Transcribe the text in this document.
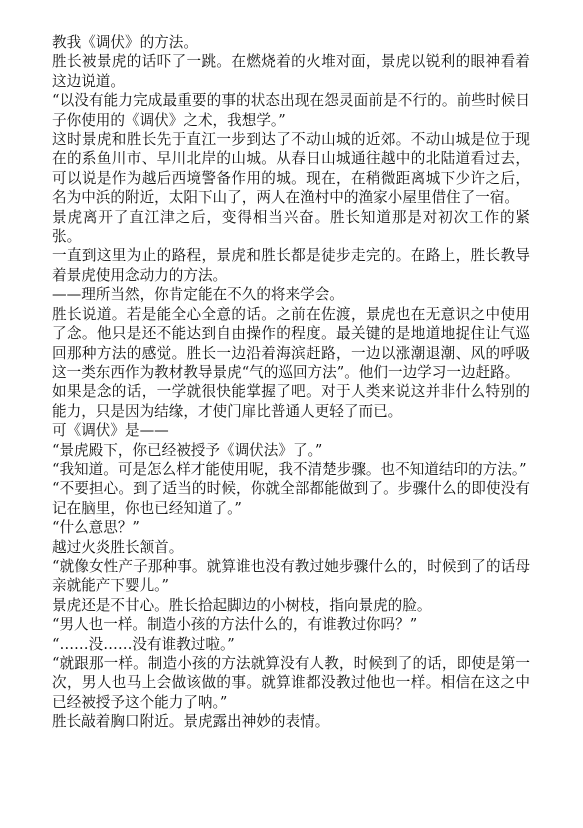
教我《调伏》的方法。

胜长被景虎的话吓了一跳。在燃烧着的火堆对面，景虎以锐利的眼神看着这边说道。

“以没有能力完成最重要的事的状态出现在怨灵面前是不行的。前些时候日子你使用的《调伏》之术，我想学。”

这时景虎和胜长先于直江一步到达了不动山城的近郊。不动山城是位于现在的系鱼川市、早川北岸的山城。从春日山城通往越中的北陆道看过去，可以说是作为越后西境警备作用的城。现在，在稍微距离城下少许之后，名为中浜的附近，太阳下山了，两人在渔村中的渔家小屋里借住了一宿。

景虎离开了直江津之后，变得相当兴奋。胜长知道那是对初次工作的紧张。

一直到这里为止的路程，景虎和胜长都是徒步走完的。在路上，胜长教导着景虎使用念动力的方法。

——理所当然，你肯定能在不久的将来学会。

胜长说道。若是能全心全意的话。之前在佐渡，景虎也在无意识之中使用了念。他只是还不能达到自由操作的程度。最关键的是地道地捉住让气巡回那种方法的感觉。胜长一边沿着海滨赶路，一边以涨潮退潮、风的呼吸这一类东西作为教材教导景虎“气的巡回方法”。他们一边学习一边赶路。

如果是念的话，一学就很快能掌握了吧。对于人类来说这并非什么特别的能力，只是因为结缘，才使门扉比普通人更轻了而已。

可《调伏》是——

“景虎殿下，你已经被授予《调伏法》了。”

“我知道。可是怎么样才能使用呢，我不清楚步骤。也不知道结印的方法。”

“不要担心。到了适当的时候，你就全部都能做到了。步骤什么的即使没有记在脑里，你也已经知道了。”

“什么意思？”

越过火炎胜长颔首。

“就像女性产子那种事。就算谁也没有教过她步骤什么的，时候到了的话母亲就能产下婴儿。”

景虎还是不甘心。胜长拾起脚边的小树枝，指向景虎的脸。

“男人也一样。制造小孩的方法什么的，有谁教过你吗？”

“……没……没有谁教过啦。”

“就跟那一样。制造小孩的方法就算没有人教，时候到了的话，即使是第一次，男人也马上会做该做的事。就算谁都没教过他也一样。相信在这之中已经被授予这个能力了呐。”

胜长敲着胸口附近。景虎露出神妙的表情。
